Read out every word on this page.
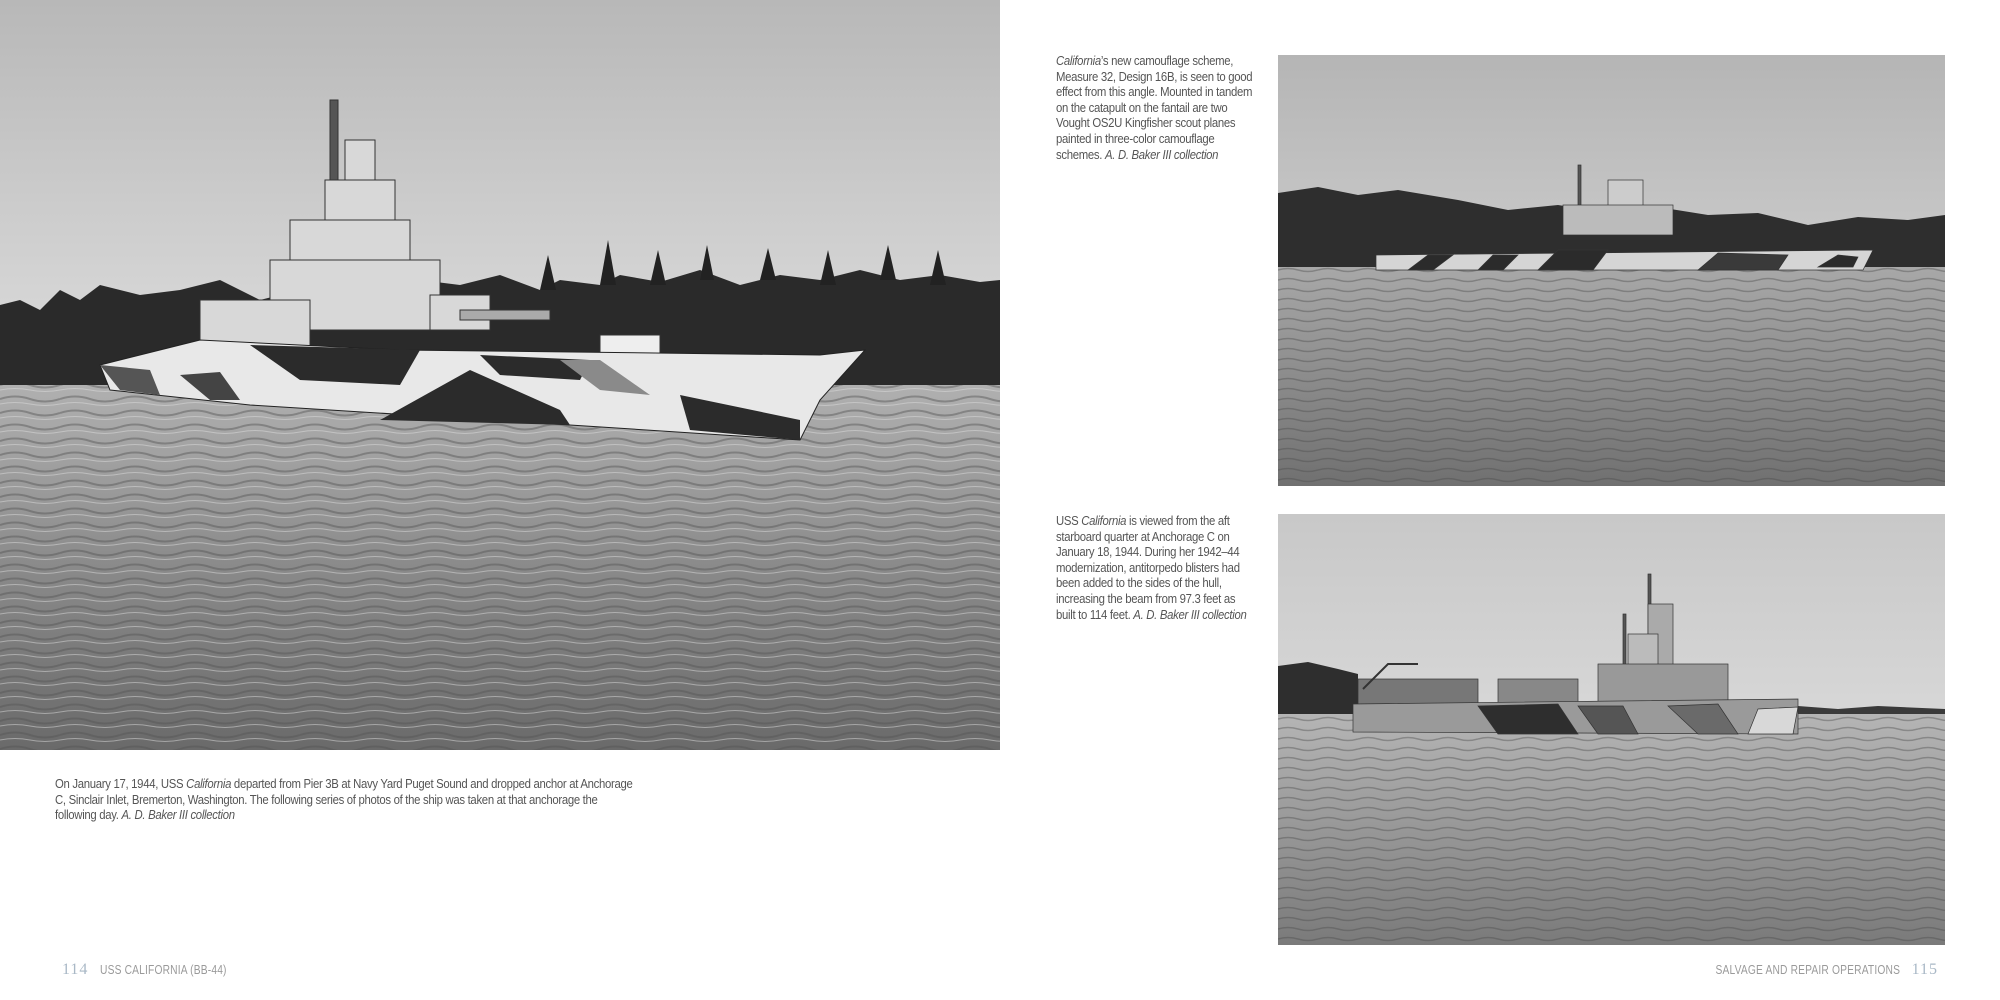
On January 17, 1944, USS California departed from Pier 3B at Navy Yard Puget Sound and dropped anchor at Anchorage C, Sinclair Inlet, Bremerton, Washington. The following series of photos of the ship was taken at that anchorage the following day. A. D. Baker III collection
California’s new camouflage scheme, Measure 32, Design 16B, is seen to good effect from this angle. Mounted in tandem on the catapult on the fantail are two Vought OS2U Kingfisher scout planes painted in three-color camouflage schemes. A. D. Baker III collection
USS California is viewed from the aft starboard quarter at Anchorage C on January 18, 1944. During her 1942–44 modernization, antitorpedo blisters had been added to the sides of the hull, increasing the beam from 97.3 feet as built to 114 feet. A. D. Baker III collection
114 USS CALIFORNIA (BB-44)	SALVAGE AND REPAIR OPERATIONS 115
